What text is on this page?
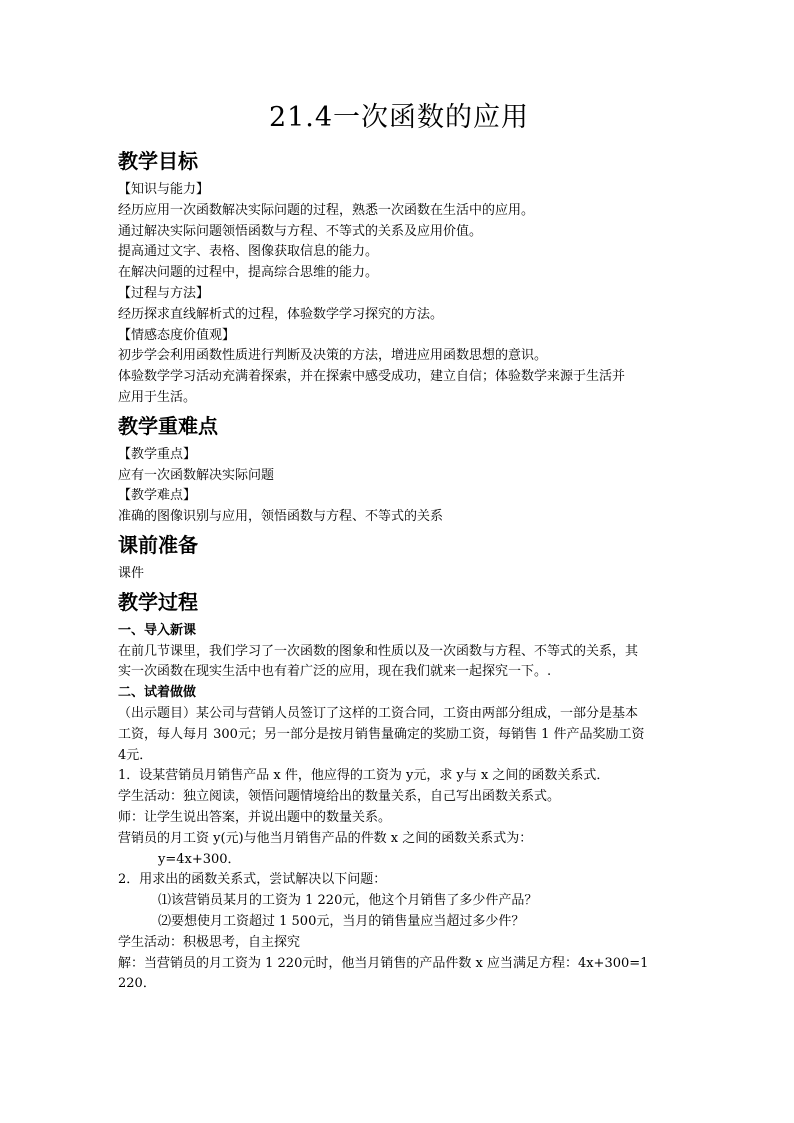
21.4一次函数的应用
教学目标
【知识与能力】
经历应用一次函数解决实际问题的过程，熟悉一次函数在生活中的应用。
通过解决实际问题领悟函数与方程、不等式的关系及应用价值。
提高通过文字、表格、图像获取信息的能力。
在解决问题的过程中，提高综合思维的能力。
【过程与方法】
经历探求直线解析式的过程，体验数学学习探究的方法。
【情感态度价值观】
初步学会利用函数性质进行判断及决策的方法，增进应用函数思想的意识。
体验数学学习活动充满着探索，并在探索中感受成功，建立自信；体验数学来源于生活并
应用于生活。
教学重难点
【教学重点】
应有一次函数解决实际问题
【教学难点】
准确的图像识别与应用，领悟函数与方程、不等式的关系
课前准备
课件
教学过程
一、导入新课
在前几节课里，我们学习了一次函数的图象和性质以及一次函数与方程、不等式的关系，其
实一次函数在现实生活中也有着广泛的应用，现在我们就来一起探究一下。.
二、试着做做
（出示题目）某公司与营销人员签订了这样的工资合同，工资由两部分组成，一部分是基本
工资，每人每月 300元；另一部分是按月销售量确定的奖励工资，每销售 1 件产品奖励工资
4元．
1．设某营销员月销售产品 x 件，他应得的工资为 y元，求 y与 x 之间的函数关系式．
学生活动：独立阅读，领悟问题情境给出的数量关系，自己写出函数关系式。
师：让学生说出答案，并说出题中的数量关系。
营销员的月工资 y(元)与他当月销售产品的件数 x 之间的函数关系式为：
y=4x+300．
2．用求出的函数关系式，尝试解决以下问题：
⑴该营销员某月的工资为 1 220元，他这个月销售了多少件产品？
⑵要想使月工资超过 1 500元，当月的销售量应当超过多少件？
学生活动：积极思考，自主探究
解：当营销员的月工资为 1 220元时，他当月销售的产品件数 x 应当满足方程：4x+300=1
220．
